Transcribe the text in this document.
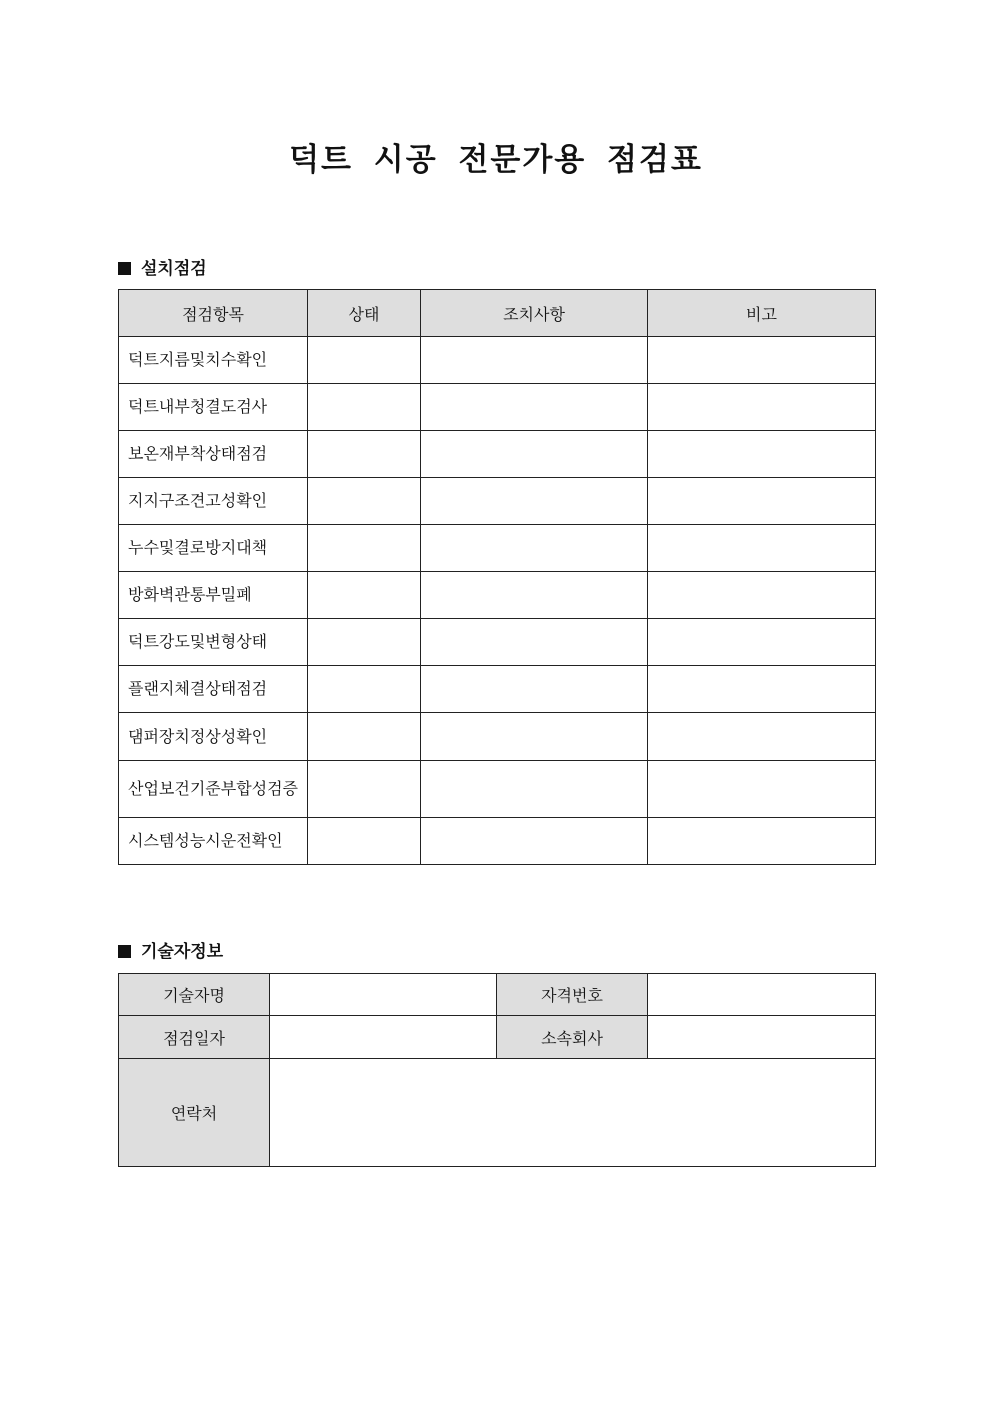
덕트 시공 전문가용 점검표
설치점검
점검항목	상태	조치사항	비고
덕트지름및치수확인			
덕트내부청결도검사			
보온재부착상태점검			
지지구조견고성확인			
누수및결로방지대책			
방화벽관통부밀폐			
덕트강도및변형상태			
플랜지체결상태점검			
댐퍼장치정상성확인			
산업보건기준부합성검증			
시스템성능시운전확인			
기술자정보
기술자명		자격번호	
점검일자		소속회사	
연락처			
